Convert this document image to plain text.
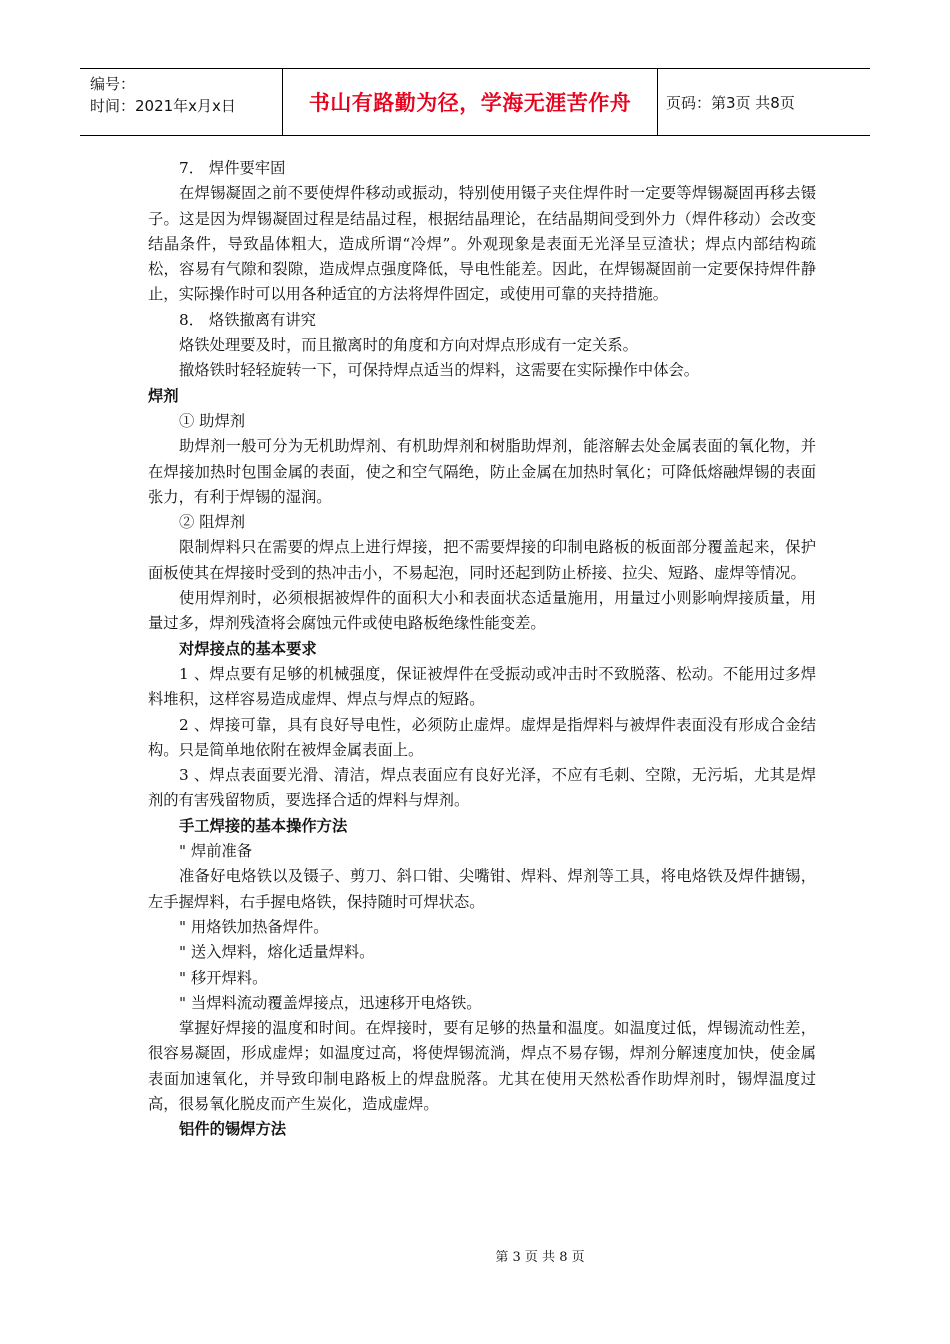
编号：
时间：2021年x月x日	书山有路勤为径，学海无涯苦作舟 页码：第3页 共8页

7． 焊件要牢固

在焊锡凝固之前不要使焊件移动或振动，特别使用镊子夹住焊件时一定要等焊锡凝固再移去镊子。这是因为焊锡凝固过程是结晶过程，根据结晶理论，在结晶期间受到外力（焊件移动）会改变结晶条件，导致晶体粗大，造成所谓“冷焊”。外观现象是表面无光泽呈豆渣状；焊点内部结构疏松，容易有气隙和裂隙，造成焊点强度降低，导电性能差。因此，在焊锡凝固前一定要保持焊件静止，实际操作时可以用各种适宜的方法将焊件固定，或使用可靠的夹持措施。

8． 烙铁撤离有讲究

烙铁处理要及时，而且撤离时的角度和方向对焊点形成有一定关系。

撤烙铁时轻轻旋转一下，可保持焊点适当的焊料，这需要在实际操作中体会。

焊剂

① 助焊剂

助焊剂一般可分为无机助焊剂、有机助焊剂和树脂助焊剂，能溶解去处金属表面的氧化物，并在焊接加热时包围金属的表面，使之和空气隔绝，防止金属在加热时氧化；可降低熔融焊锡的表面张力，有利于焊锡的湿润。

② 阻焊剂

限制焊料只在需要的焊点上进行焊接，把不需要焊接的印制电路板的板面部分覆盖起来，保护面板使其在焊接时受到的热冲击小，不易起泡，同时还起到防止桥接、拉尖、短路、虚焊等情况。

使用焊剂时，必须根据被焊件的面积大小和表面状态适量施用，用量过小则影响焊接质量，用量过多，焊剂残渣将会腐蚀元件或使电路板绝缘性能变差。

对焊接点的基本要求

1 、焊点要有足够的机械强度，保证被焊件在受振动或冲击时不致脱落、松动。不能用过多焊料堆积，这样容易造成虚焊、焊点与焊点的短路。

2 、焊接可靠，具有良好导电性，必须防止虚焊。虚焊是指焊料与被焊件表面没有形成合金结构。只是简单地依附在被焊金属表面上。

3 、焊点表面要光滑、清洁，焊点表面应有良好光泽，不应有毛刺、空隙，无污垢，尤其是焊剂的有害残留物质，要选择合适的焊料与焊剂。

手工焊接的基本操作方法

" 焊前准备

准备好电烙铁以及镊子、剪刀、斜口钳、尖嘴钳、焊料、焊剂等工具，将电烙铁及焊件搪锡，左手握焊料，右手握电烙铁，保持随时可焊状态。

" 用烙铁加热备焊件。

" 送入焊料，熔化适量焊料。

" 移开焊料。

" 当焊料流动覆盖焊接点，迅速移开电烙铁。

掌握好焊接的温度和时间。在焊接时，要有足够的热量和温度。如温度过低，焊锡流动性差，很容易凝固，形成虚焊；如温度过高，将使焊锡流淌，焊点不易存锡，焊剂分解速度加快，使金属表面加速氧化，并导致印制电路板上的焊盘脱落。尤其在使用天然松香作助焊剂时，锡焊温度过高，很易氧化脱皮而产生炭化，造成虚焊。

铝件的锡焊方法

第 3 页 共 8 页
